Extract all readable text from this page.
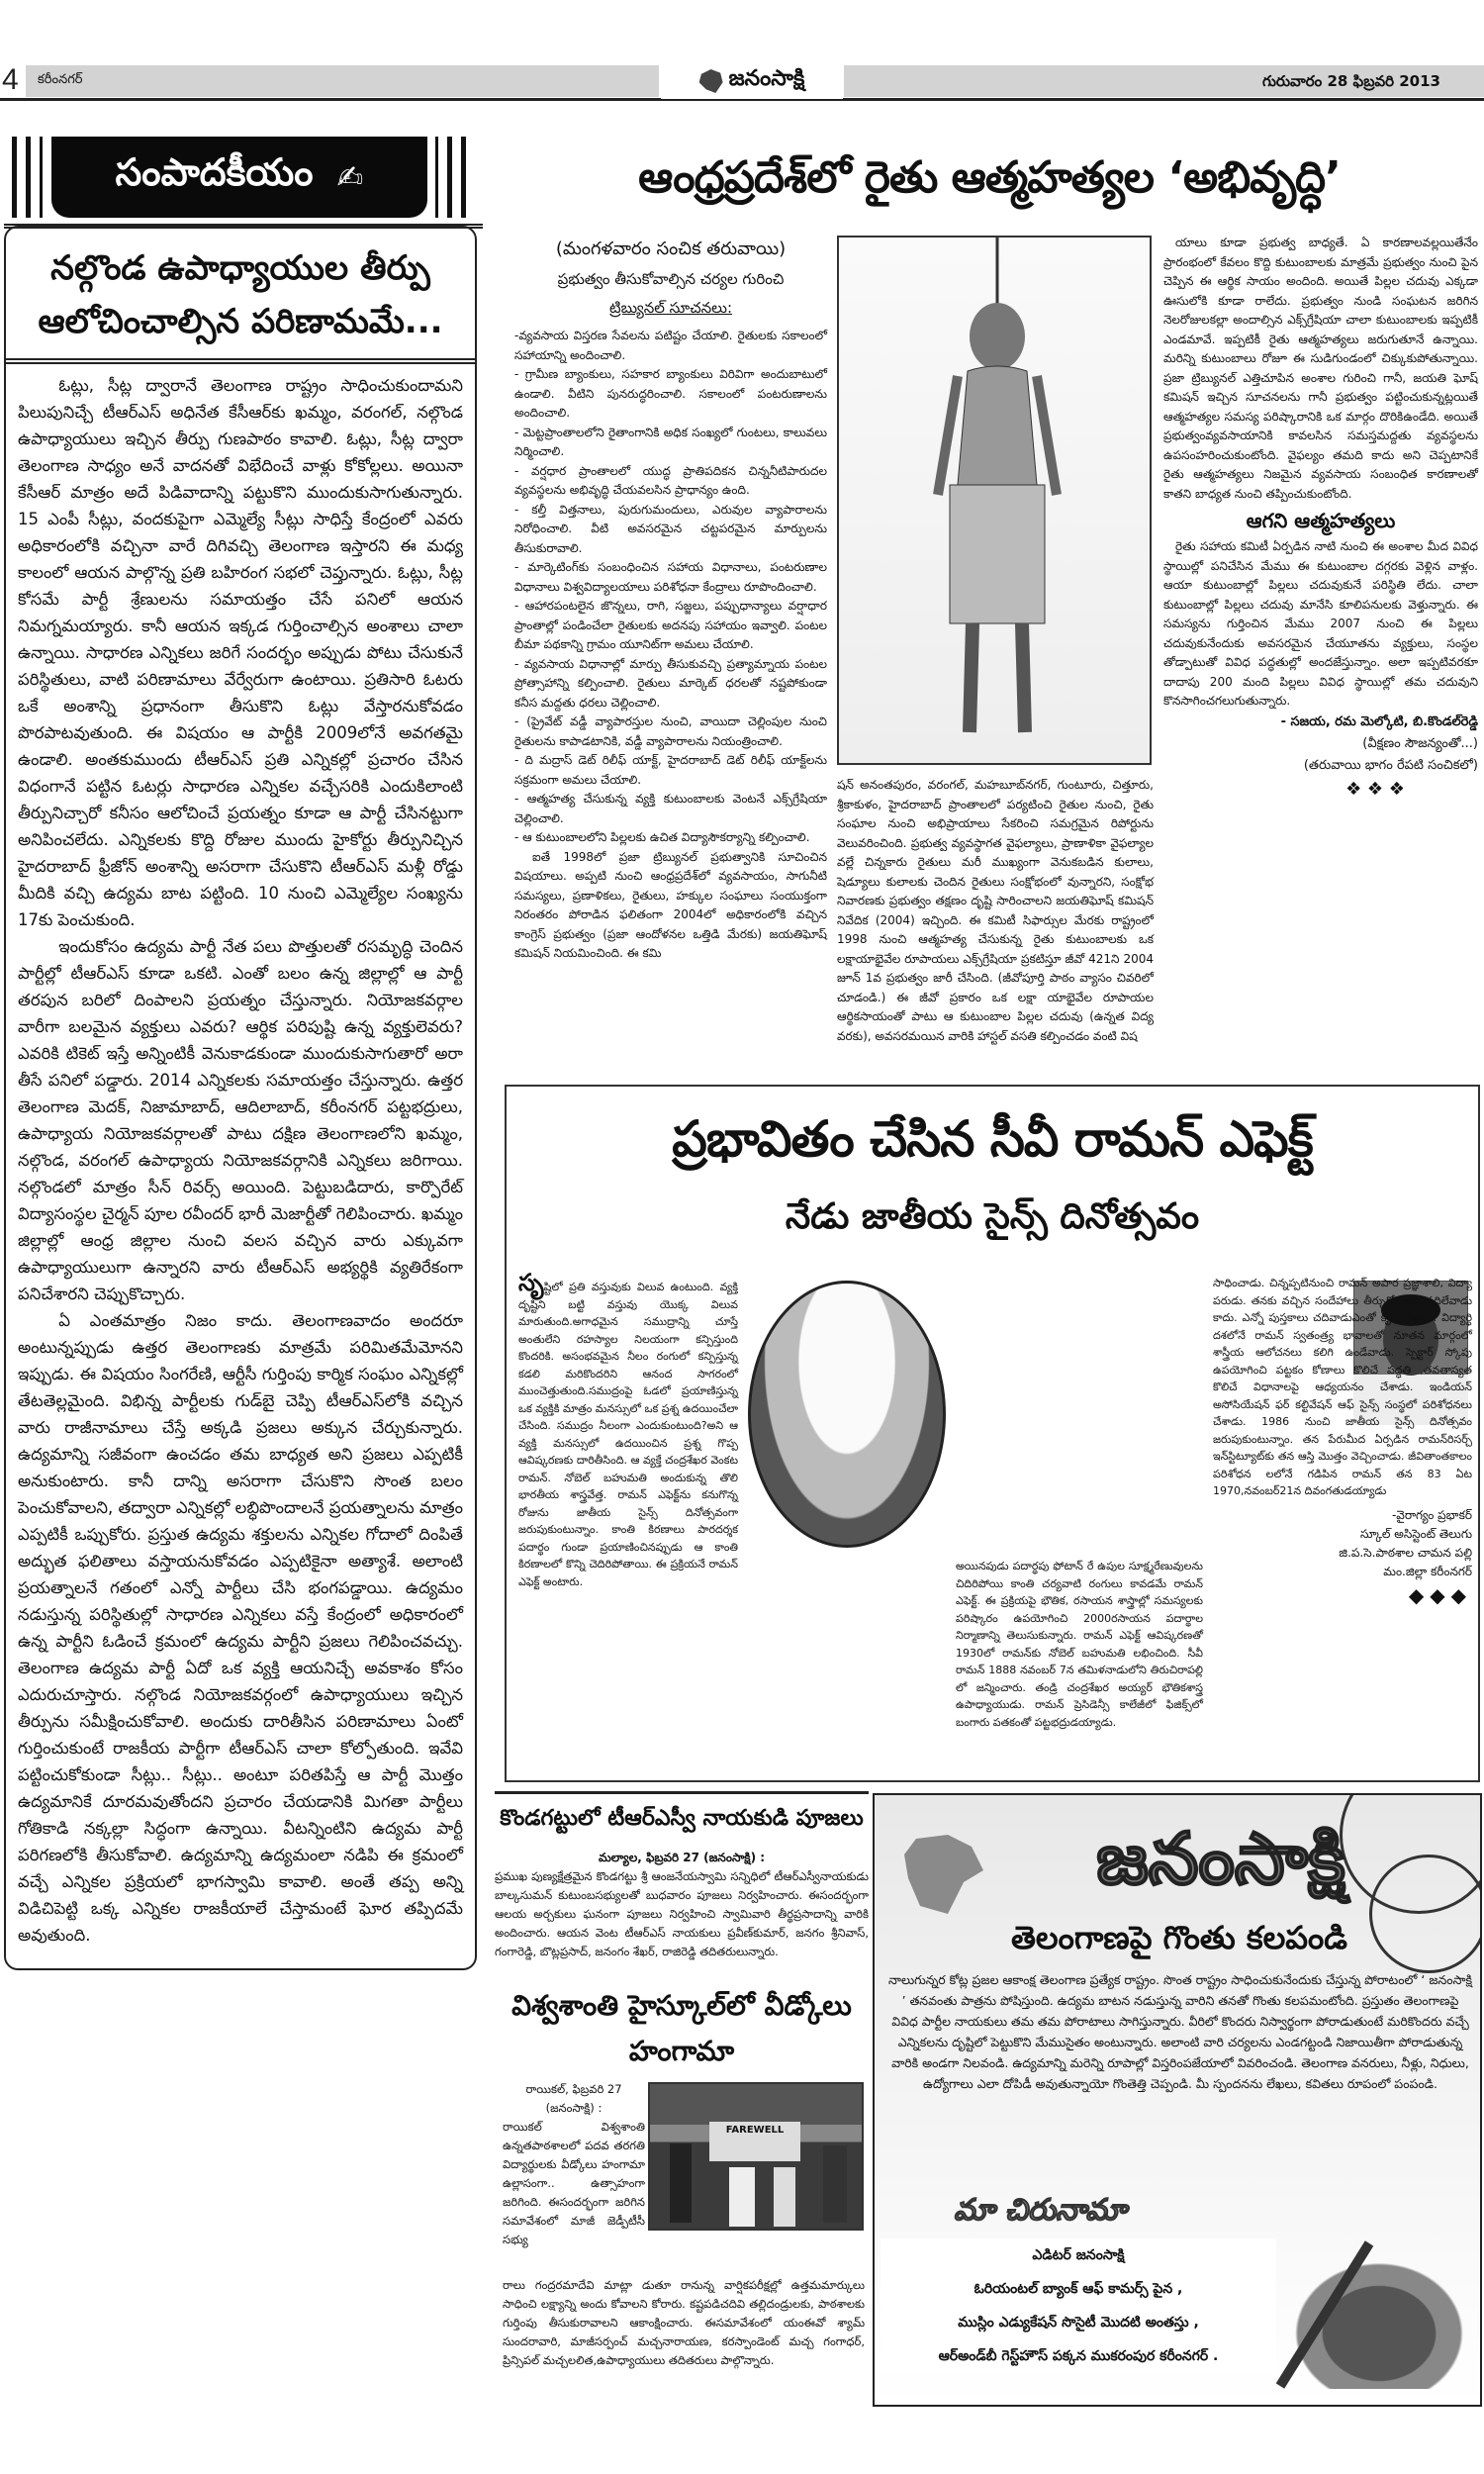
4 కరీంనగర్	జనంసాక్షి	గురువారం 28 ఫిబ్రవరి 2013
సంపాదకీయం ✍
నల్గొండ ఉపాధ్యాయుల తీర్పు ఆలోచించాల్సిన పరిణామమే...

ఓట్లు, సీట్ల ద్వారానే తెలంగాణ రాష్ట్రం సాధించుకుందామని పిలుపునిచ్చే టీఆర్ఎస్ అధినేత కేసీఆర్‌కు ఖమ్మం, వరంగల్, నల్గొండ ఉపాధ్యాయులు ఇచ్చిన తీర్పు గుణపాఠం కావాలి. ఓట్లు, సీట్ల ద్వారా తెలంగాణ సాధ్యం అనే వాదనతో విభేదించే వాళ్లు కోకోల్లలు. అయినా కేసీఆర్ మాత్రం అదే పిడివాదాన్ని పట్టుకొని ముందుకుసాగుతున్నారు. 15 ఎంపీ సీట్లు, వందకుపైగా ఎమ్మెల్యే సీట్లు సాధిస్తే కేంద్రంలో ఎవరు అధికారంలోకి వచ్చినా వారే దిగివచ్చి తెలంగాణ ఇస్తారని ఈ మధ్య కాలంలో ఆయన పాల్గొన్న ప్రతి బహిరంగ సభలో చెప్తున్నారు. ఓట్లు, సీట్ల కోసమే పార్టీ శ్రేణులను సమాయత్తం చేసే పనిలో ఆయన నిమగ్నమయ్యారు. కానీ ఆయన ఇక్కడ గుర్తించాల్సిన అంశాలు చాలా ఉన్నాయి. సాధారణ ఎన్నికలు జరిగే సందర్భం అప్పుడు పోటు చేసుకునే పరిస్థితులు, వాటి పరిణామాలు వేర్వేరుగా ఉంటాయి. ప్రతిసారి ఓటరు ఒకే అంశాన్ని ప్రధానంగా తీసుకొని ఓట్లు వేస్తారనుకోవడం పొరపాటవుతుంది. ఈ విషయం ఆ పార్టీకి 2009లోనే అవగతమై ఉండాలి. అంతకుముందు టీఆర్ఎస్ ప్రతి ఎన్నికల్లో ప్రచారం చేసిన విధంగానే పట్టిన ఓటర్లు సాధారణ ఎన్నికల వచ్చేసరికి ఎందుకిలాంటి తీర్పునిచ్చారో కనీసం ఆలోచించే ప్రయత్నం కూడా ఆ పార్టీ చేసినట్టుగా అనిపించలేదు. ఎన్నికలకు కొద్ది రోజుల ముందు హైకోర్టు తీర్పునిచ్చిన హైదరాబాద్ ఫ్రీజోన్ అంశాన్ని అసరాగా చేసుకొని టీఆర్ఎస్ మళ్లీ రోడ్డు మీదికి వచ్చి ఉద్యమ బాట పట్టింది. 10 నుంచి ఎమ్మెల్యేల సంఖ్యను 17కు పెంచుకుంది.

ఇందుకోసం ఉద్యమ పార్టీ నేత పలు పొత్తులతో రసమృద్ధి చెందిన పార్టీల్లో టీఆర్ఎస్ కూడా ఒకటి. ఎంతో బలం ఉన్న జిల్లాల్లో ఆ పార్టీ తరపున బరిలో దింపాలని ప్రయత్నం చేస్తున్నారు. నియోజకవర్గాల వారీగా బలమైన వ్యక్తులు ఎవరు? ఆర్థిక పరిపుష్టి ఉన్న వ్యక్తులెవరు? ఎవరికి టికెట్ ఇస్తే అన్నింటికీ వెనుకాడకుండా ముందుకుసాగుతారో అరా తీసే పనిలో పడ్డారు. 2014 ఎన్నికలకు సమాయత్తం చేస్తున్నారు. ఉత్తర తెలంగాణ మెదక్, నిజామాబాద్, ఆదిలాబాద్, కరీంనగర్ పట్టభద్రులు, ఉపాధ్యాయ నియోజకవర్గాలతో పాటు దక్షిణ తెలంగాణలోని ఖమ్మం, నల్గొండ, వరంగల్ ఉపాధ్యాయ నియోజకవర్గానికి ఎన్నికలు జరిగాయి. నల్గొండలో మాత్రం సీన్ రివర్స్ అయింది. పెట్టుబడిదారు, కార్పొరేట్ విద్యాసంస్థల చైర్మన్ పూల రవీందర్ భారీ మెజార్టీతో గెలిపించారు. ఖమ్మం జిల్లాల్లో ఆంధ్ర జిల్లాల నుంచి వలస వచ్చిన వారు ఎక్కువగా ఉపాధ్యాయులుగా ఉన్నారని వారు టీఆర్ఎస్ అభ్యర్థికి వ్యతిరేకంగా పనిచేశారని చెప్పుకొచ్చారు.

ఏ ఎంతమాత్రం నిజం కాదు. తెలంగాణవాదం అందరూ అంటున్నప్పుడు ఉత్తర తెలంగాణకు మాత్రమే పరిమితమేమోనని ఇప్పుడు. ఈ విషయం సింగరేణి, ఆర్టీసీ గుర్తింపు కార్మిక సంఘం ఎన్నికల్లో తేటతెల్లమైంది. విభిన్న పార్టీలకు గుడ్‌బై చెప్పి టీఆర్ఎస్‌లోకి వచ్చిన వారు రాజీనామాలు చేస్తే అక్కడి ప్రజలు అక్కున చేర్చుకున్నారు. ఉద్యమాన్ని సజీవంగా ఉంచడం తమ బాధ్యత అని ప్రజలు ఎప్పటికీ అనుకుంటారు. కానీ దాన్ని అసరాగా చేసుకొని సొంత బలం పెంచుకోవాలని, తద్వారా ఎన్నికల్లో లబ్ధిపొందాలనే ప్రయత్నాలను మాత్రం ఎప్పటికీ ఒప్పుకోరు. ప్రస్తుత ఉద్యమ శక్తులను ఎన్నికల గోదాలో దింపితే అద్భుత ఫలితాలు వస్తాయనుకోవడం ఎప్పటికైనా అత్యాశే. అలాంటి ప్రయత్నాలనే గతంలో ఎన్నో పార్టీలు చేసి భంగపడ్డాయి. ఉద్యమం నడుస్తున్న పరిస్థితుల్లో సాధారణ ఎన్నికలు వస్తే కేంద్రంలో అధికారంలో ఉన్న పార్టీని ఓడించే క్రమంలో ఉద్యమ పార్టీని ప్రజలు గెలిపించవచ్చు. తెలంగాణ ఉద్యమ పార్టీ ఏదో ఒక వ్యక్తి ఆయనిచ్చే అవకాశం కోసం ఎదురుచూస్తారు. నల్గొండ నియోజకవర్గంలో ఉపాధ్యాయులు ఇచ్చిన తీర్పును సమీక్షించుకోవాలి. అందుకు దారితీసిన పరిణామాలు ఏంటో గుర్తించుకుంటే రాజకీయ పార్టీగా టీఆర్ఎస్ చాలా కోల్పోతుంది. ఇవేవి పట్టించుకోకుండా సీట్లు.. సీట్లు.. అంటూ పరితపిస్తే ఆ పార్టీ మొత్తం ఉద్యమానికే దూరమవుతోందని ప్రచారం చేయడానికి మిగతా పార్టీలు గోతికాడి నక్కల్లా సిద్ధంగా ఉన్నాయి. వీటన్నింటిని ఉద్యమ పార్టీ పరిగణలోకి తీసుకోవాలి. ఉద్యమాన్ని ఉద్యమంలా నడిపి ఈ క్రమంలో వచ్చే ఎన్నికల ప్రక్రియలో భాగస్వామి కావాలి. అంతే తప్ప అన్ని విడిచిపెట్టి ఒక్క ఎన్నికల రాజకీయాలే చేస్తామంటే ఘోర తప్పిదమే అవుతుంది.

ఆంధ్రప్రదేశ్‌లో రైతు ఆత్మహత్యల ‘అభివృద్ధి’
(మంగళవారం సంచిక తరువాయి)
ప్రభుత్వం తీసుకోవాల్సిన చర్యల గురించి
ట్రిబ్యునల్ సూచనలు:

-వ్యవసాయ విస్తరణ సేవలను పటిష్టం చేయాలి. రైతులకు సకాలంలో సహాయాన్ని అందించాలి.

- గ్రామీణ బ్యాంకులు, సహకార బ్యాంకులు విరివిగా అందుబాటులో ఉండాలి. వీటిని పునరుద్ధరించాలి. సకాలంలో పంటరుణాలను అందించాలి.

- మెట్టప్రాంతాలలోని రైతాంగానికి అధిక సంఖ్యలో గుంటలు, కాలువలు నిర్మించాలి.

- వర్షధార ప్రాంతాలలో యుద్ధ ప్రాతిపదికన చిన్ననీటిపారుదల వ్యవస్థలను అభివృద్ధి చేయవలసిన ప్రాధాన్యం ఉంది.

- కల్తీ విత్తనాలు, పురుగుమందులు, ఎరువుల వ్యాపారాలను నిరోధించాలి. వీటి అవసరమైన చట్టపరమైన మార్పులను తీసుకురావాలి.

- మార్కెటింగ్‌కు సంబంధించిన సహాయ విధానాలు, పంటరుణాల విధానాలు విశ్వవిద్యాలయాలు పరిశోధనా కేంద్రాలు రూపొందించాలి.

- ఆహారపంటలైన జొన్నలు, రాగి, సజ్జలు, పప్పుధాన్యాలు వర్షాధార ప్రాంతాల్లో పండించేలా రైతులకు అదనపు సహాయం ఇవ్వాలి. పంటల బీమా పథకాన్ని గ్రామం యూనిట్‌గా అమలు చేయాలి.

- వ్యవసాయ విధానాల్లో మార్పు తీసుకువచ్చి ప్రత్యామ్నాయ పంటల ప్రోత్సాహాన్ని కల్పించాలి. రైతులు మార్కెట్ ధరలతో నష్టపోకుండా కనీస మద్దతు ధరలు చెల్లించాలి.

- (ప్రైవేట్ వడ్డీ వ్యాపారస్తుల నుంచి, వాయిదా చెల్లింపుల నుంచి రైతులను కాపాడటానికి, వడ్డీ వ్యాపారాలను నియంత్రించాలి.

- ది మద్రాస్ డెట్ రిలీఫ్ యాక్ట్, హైదరాబాద్ డెట్ రిలీఫ్ యాక్ట్‌లను సక్రమంగా అమలు చేయాలి.

- ఆత్మహత్య చేసుకున్న వ్యక్తి కుటుంబాలకు వెంటనే ఎక్స్‌గ్రేషియా చెల్లించాలి.

- ఆ కుటుంబాలలోని పిల్లలకు ఉచిత విద్యాసౌకర్యాన్ని కల్పించాలి.

ఐతే 1998లో ప్రజా ట్రిబ్యునల్ ప్రభుత్వానికి సూచించిన విషయాలు. అప్పటి నుంచి ఆంధ్రప్రదేశ్‌లో వ్యవసాయం, సాగునీటి సమస్యలు, ప్రణాళికలు, రైతులు, హక్కుల సంఘాలు సంయుక్తంగా నిరంతరం పోరాడిన ఫలితంగా 2004లో అధికారంలోకి వచ్చిన కాంగ్రెస్ ప్రభుత్వం (ప్రజా ఆందోళనల ఒత్తిడి మేరకు) జయతిఘోష్ కమిషన్ నియమించింది. ఈ కమి

షన్ అనంతపురం, వరంగల్, మహబూబ్‌నగర్, గుంటూరు, చిత్తూరు, శ్రీకాకుళం, హైదరాబాద్ ప్రాంతాలలో పర్యటించి రైతుల నుంచి, రైతు సంఘాల నుంచి అభిప్రాయాలు సేకరించి సమగ్రమైన రిపోర్టును వెలువరించింది. ప్రభుత్వ వ్యవస్థాగత వైఫల్యాలు, ప్రాణాళికా వైఫల్యాల వల్లే చిన్నకారు రైతులు మరీ ముఖ్యంగా వెనుకబడిన కులాలు, షెడ్యూలు కులాలకు చెందిన రైతులు సంక్షోభంలో వున్నారని, సంక్షోభ నివారణకు ప్రభుత్వం తక్షణం దృష్టి సారించాలని జయతిఘోష్ కమిషన్ నివేదిక (2004) ఇచ్చింది. ఈ కమిటీ సిఫార్సుల మేరకు రాష్ట్రంలో 1998 నుంచి ఆత్మహత్య చేసుకున్న రైతు కుటుంబాలకు ఒక లక్షాయాభైవేల రూపాయలు ఎక్స్‌గ్రేషియా ప్రకటిస్తూ జీవో 421ని 2004 జూన్ 1వ ప్రభుత్వం జారీ చేసింది. (జీవోపూర్తి పాఠం వ్యాసం చివరిలో చూడండి.) ఈ జీవో ప్రకారం ఒక లక్షా యాభైవేల రూపాయల ఆర్థికసాయంతో పాటు ఆ కుటుంబాల పిల్లల చదువు (ఉన్నత విద్య వరకు), అవసరమయిన వారికి హాస్టల్ వసతి కల్పించడం వంటి విష

యాలు కూడా ప్రభుత్వ బాధ్యతే. ఏ కారణాలవల్లయితేనేం ప్రారంభంలో కేవలం కొద్ది కుటుంబాలకు మాత్రమే ప్రభుత్వం నుంచి పైన చెప్పిన ఈ ఆర్థిక సాయం అందింది. అయితే పిల్లల చదువు ఎక్కడా ఊసులోకి కూడా రాలేదు. ప్రభుత్వం నుండి సంఘటన జరిగిన నెలరోజులకల్లా అందాల్సిన ఎక్స్‌గ్రేషియా చాలా కుటుంబాలకు ఇప్పటికీ ఎండమావే. ఇప్పటికీ రైతు ఆత్మహత్యలు జరుగుతూనే ఉన్నాయి. మరిన్ని కుటుంబాలు రోజూ ఈ సుడిగుండంలో చిక్కుకుపోతున్నాయి. ప్రజా ట్రిబ్యునల్ ఎత్తిచూపిన అంశాల గురించి గానీ, జయతి ఘోష్ కమిషన్ ఇచ్చిన సూచనలను గానీ ప్రభుత్వం పట్టించుకున్నట్లయితే ఆత్మహత్యల సమస్య పరిష్కారానికి ఒక మార్గం దొరికిఉండేది. అయితే ప్రభుత్వంవ్యవసాయానికి కావలసిన సమస్తమద్దతు వ్యవస్థలను ఉపసంహరించుకుంటోంది. వైఫల్యం తమది కాదు అని చెప్పటానికే రైతు ఆత్మహత్యలు నిజమైన వ్యవసాయ సంబంధిత కారణాలతో కాతని బాధ్యత నుంచి తప్పించుకుంటోంది.

ఆగని ఆత్మహత్యలు

రైతు సహాయ కమిటీ ఏర్పడిన నాటి నుంచి ఈ అంశాల మీద వివిధ స్థాయిల్లో పనిచేసిన మేము ఈ కుటుంబాల దగ్గరకు వెళ్లిన వాళ్లం. ఆయా కుటుంబాల్లో పిల్లలు చదువుకునే పరిస్థితి లేదు. చాలా కుటుంబాల్లో పిల్లలు చదువు మానేసి కూలిపనులకు వెళ్తున్నారు. ఈ సమస్యను గుర్తించిన మేము 2007 నుంచి ఈ పిల్లలు చదువుకునేందుకు అవసరమైన చేయూతను వ్యక్తులు, సంస్థల తోడ్పాటుతో వివిధ పద్ధతుల్లో అందజేస్తున్నాం. అలా ఇప్పటివరకూ దాదాపు 200 మంది పిల్లలు వివిధ స్థాయిల్లో తమ చదువుని కొనసాగించగలుగుతున్నారు.

- సజయ, రమ మెల్కోటి, బి.కొండల్‌రెడ్డి
(వీక్షణం సౌజన్యంతో...)
(తరువాయి భాగం రేపటి సంచికలో)
❖ ❖ ❖
ప్రభావితం చేసిన సీవీ రామన్ ఎఫెక్ట్
నేడు జాతీయ సైన్స్ దినోత్సవం
సృష్టిలో ప్రతి వస్తువుకు విలువ ఉంటుంది. వ్యక్తి దృష్టిని బట్టి వస్తువు యొక్క విలువ మారుతుంది.అగాధమైన సముద్రాన్ని చూస్తే అంతులేని రహస్యాల నిలయంగా కన్పిస్తుంది కొందరికి. అసంభవమైన నీలం రంగులో కన్పిస్తున్న కడలి మరికొందరిని ఆనంద సాగరంలో ముంచెత్తుతుంది.సముద్రంపై ఓడలో ప్రయాణిస్తున్న ఒక వ్యక్తికి మాత్రం మనస్సులో ఒక ప్రశ్న ఉదయించేలా చేసింది. సముద్రం నీలంగా ఎందుకుంటుంది?అని ఆ వ్యక్తి మనస్సులో ఉదయించిన ప్రశ్న గొప్ప ఆవిష్కరణకు దారితీసింది. ఆ వ్యక్తే చంద్రశేఖర వెంకట రామన్. నోబెల్ బహుమతి అందుకున్న తొలి భారతీయ శాస్త్రవేత్త. రామన్ ఎఫెక్ట్‌ను కనుగొన్న రోజును జాతీయ సైన్స్ దినోత్సవంగా జరుపుకుంటున్నాం. కాంతి కిరణాలు పారదర్శక పదార్థం గుండా ప్రయాణించినప్పుడు ఆ కాంతి కిరణాలలో కొన్ని చెదిరిపోతాయి. ఈ ప్రక్రియనే రామన్ ఎఫెక్ట్ అంటారు.
అయినపుడు పదార్థపు ఫోటాన్ రే ఉపుల సూక్ష్మరేణువులను చిదిరిపోయి కాంతి చర్యవాటి రంగులు కావడమే రామన్ ఎఫెక్ట్. ఈ ప్రక్రియపై భౌతిక, రసాయన శాస్త్రాల్లో సమస్యలకు పరిష్కారం ఉపయోగించి 2000రసాయన పదార్థాల నిర్మాణాన్ని తెలుసుకున్నారు. రామన్ ఎఫెక్ట్ ఆవిష్కరణతో 1930లో రామన్‌కు నోబెల్ బహుమతి లభించింది. సీవీ రామన్ 1888 నవంబర్ 7న తమిళనాడులోని తిరుచిరాపల్లి లో జన్మించారు. తండ్రి చంద్రశేఖర అయ్యర్ భౌతికశాస్త్ర ఉపాధ్యాయుడు. రామన్ ప్రెసిడెన్సీ కాలేజీలో ఫిజిక్స్‌లో బంగారు పతకంతో పట్టభద్రుడయ్యాడు.

సాధించాడు. చిన్నప్పటినుంచి రామన్ అపార ప్రజ్ఞాశాలి, విద్యా పరుడు. తనకు వచ్చిన సందేహాలు తీర్చుకోకుండా వదిలేవాడు కాదు. ఎన్నో పుస్తకాలు చదివాడుఎంతో కృషి చేశాడు. విద్యార్థి దశలోనే రామన్ స్వతంత్ర్య భావాలతో నూతన మార్గంలో శాస్త్రీయ ఆలోచనలు కలిగి ఉండేవాడు. స్పెక్టార్ స్కోపు ఉపయోగించి పట్టకం కోణాలు కొలిచే పద్ధతి ,తవతాస్యత కొలిచే విధానాలపై ఆధ్యయనం చేశాడు. ఇండియన్ అసోసియేషన్ ఫర్ కల్టివేషన్ ఆఫ్ సైన్స్ సంస్థలో పరిశోధనలు చేశాడు. 1986 నుంచి జాతీయ సైన్స్ దినోత్సవం జరుపుకుంటున్నాం. తన పేరుమీద ఏర్పడిన రామన్‌రిసర్చ్ ఇన్‌స్టిట్యూట్‌కు తన ఆస్తి మొత్తం వెచ్చించాడు. జీవితాంతకాలం పరిశోధన లలోనే గడిపిన రామన్ తన 83 ఏట 1970,నవంబర్21న దివంగతుడయ్యాడు

-వైరాగ్యం ప్రభాకర్
స్కూల్ అసిస్టెంట్ తెలుగు
జి.ప.సె.పాఠశాల చామన పల్లి
మం.జిల్లా కరీంనగర్
◆◆◆
కొండగట్టులో టీఆర్‌ఎస్వీ నాయకుడి పూజలు
మల్యాల, ఫిబ్రవరి 27 (జనంసాక్షి) :

ప్రముఖ పుణ్యక్షేత్రమైన కొండగట్టు శ్రీ ఆంజనేయస్వామి సన్నిధిలో టీఆర్ఎస్వీనాయకుడు బాల్కసుమన్ కుటుంబసభ్యులతో బుధవారం పూజలు నిర్వహించారు. ఈసందర్భంగా ఆలయ అర్చకులు ఘనంగా పూజలు నిర్వహించి స్వామివారి తీర్థప్రసాదాన్ని వారికి అందించారు. ఆయన వెంట టీఆర్ఎస్ నాయకులు ప్రవీణ్‌కుమార్, జనగం శ్రీనివాస్, గంగారెడ్డి, బొట్లప్రసాద్, జనంగం శేఖర్, రాజిరెడ్డి తదితరులున్నారు.

విశ్వశాంతి హైస్కూల్‌లో వీడ్కోలు హంగామా
రాయికల్, ఫిబ్రవరి 27 (జనంసాక్షి) :

రాయికల్ విశ్వశాంతి ఉన్నతపాఠశాలలో పదవ తరగతి విద్యార్థులకు వీడ్కోలు హంగామా ఉల్లాసంగా.. ఉత్సాహంగా జరిగింది. ఈసందర్భంగా జరిగిన సమావేశంలో మాజీ జెడ్పీటీసీ సభ్యు

FAREWELL

రాలు గంద్రరమాదేవి మాట్లా డుతూ రానున్న వార్షికపరీక్షల్లో ఉత్తమమార్కులు సాధించి లక్ష్యాన్ని అందు కోవాలని కోరారు. కష్టపడిచదివి తల్లిదండ్రులకు, పాఠశాలకు గుర్తింపు తీసుకురావాలని ఆకాంక్షించారు. ఈసమావేశంలో యంఈవో శ్యామ్ సుందరావారి, మాజీసర్పంచ్ మచ్చనారాయణ, కరస్పాండెంట్ మచ్చ గంగాధర్, ప్రిన్సిపల్ మచ్చలలిత,ఉపాధ్యాయులు తదితరులు పాల్గొన్నారు.

జనంసాక్షి
తెలంగాణపై గొంతు కలపండి

నాలుగున్నర కోట్ల ప్రజల ఆకాంక్ష తెలంగాణ ప్రత్యేక రాష్ట్రం. సొంత రాష్ట్రం సాధించుకునేందుకు చేస్తున్న పోరాటంలో ‘ జనంసాక్షి ’ తనవంతు పాత్రను పోషిస్తుంది. ఉద్యమ బాటన నడుస్తున్న వారిని తనతో గొంతు కలపమంటోంది. ప్రస్తుతం తెలంగాణపై వివిధ పార్టీల నాయకులు తమ తమ పోరాటాలు సాగిస్తున్నారు. వీరిలో కొందరు నిస్వార్థంగా పోరాడుతుంటే మరికొందరు వచ్చే ఎన్నికలను దృష్టిలో పెట్టుకొని మేముసైతం అంటున్నారు. అలాంటి వారి చర్యలను ఎండగట్టండి నిజాయితీగా పోరాడుతున్న వారికి అండగా నిలవండి. ఉద్యమాన్ని మరెన్ని రూపాల్లో విస్తరింపజేయాలో వివరించండి. తెలంగాణ వనరులు, నీళ్లు, నిధులు, ఉద్యోగాలు ఎలా దోపిడీ అవుతున్నాయో గొంతెత్తి చెప్పండి. మీ స్పందనను లేఖలు, కవితలు రూపంలో పంపండి.

మా చిరునామా
ఎడిటర్ జనంసాక్షి
ఓరియంటల్ బ్యాంక్ ఆఫ్ కామర్స్ పైన ,
ముస్లిం ఎడ్యుకేషన్ సొసైటీ మొదటి అంతస్తు ,
ఆర్అండ్‌బీ గెస్ట్‌హౌస్ పక్కన ముకరంపుర కరీంనగర్ .
